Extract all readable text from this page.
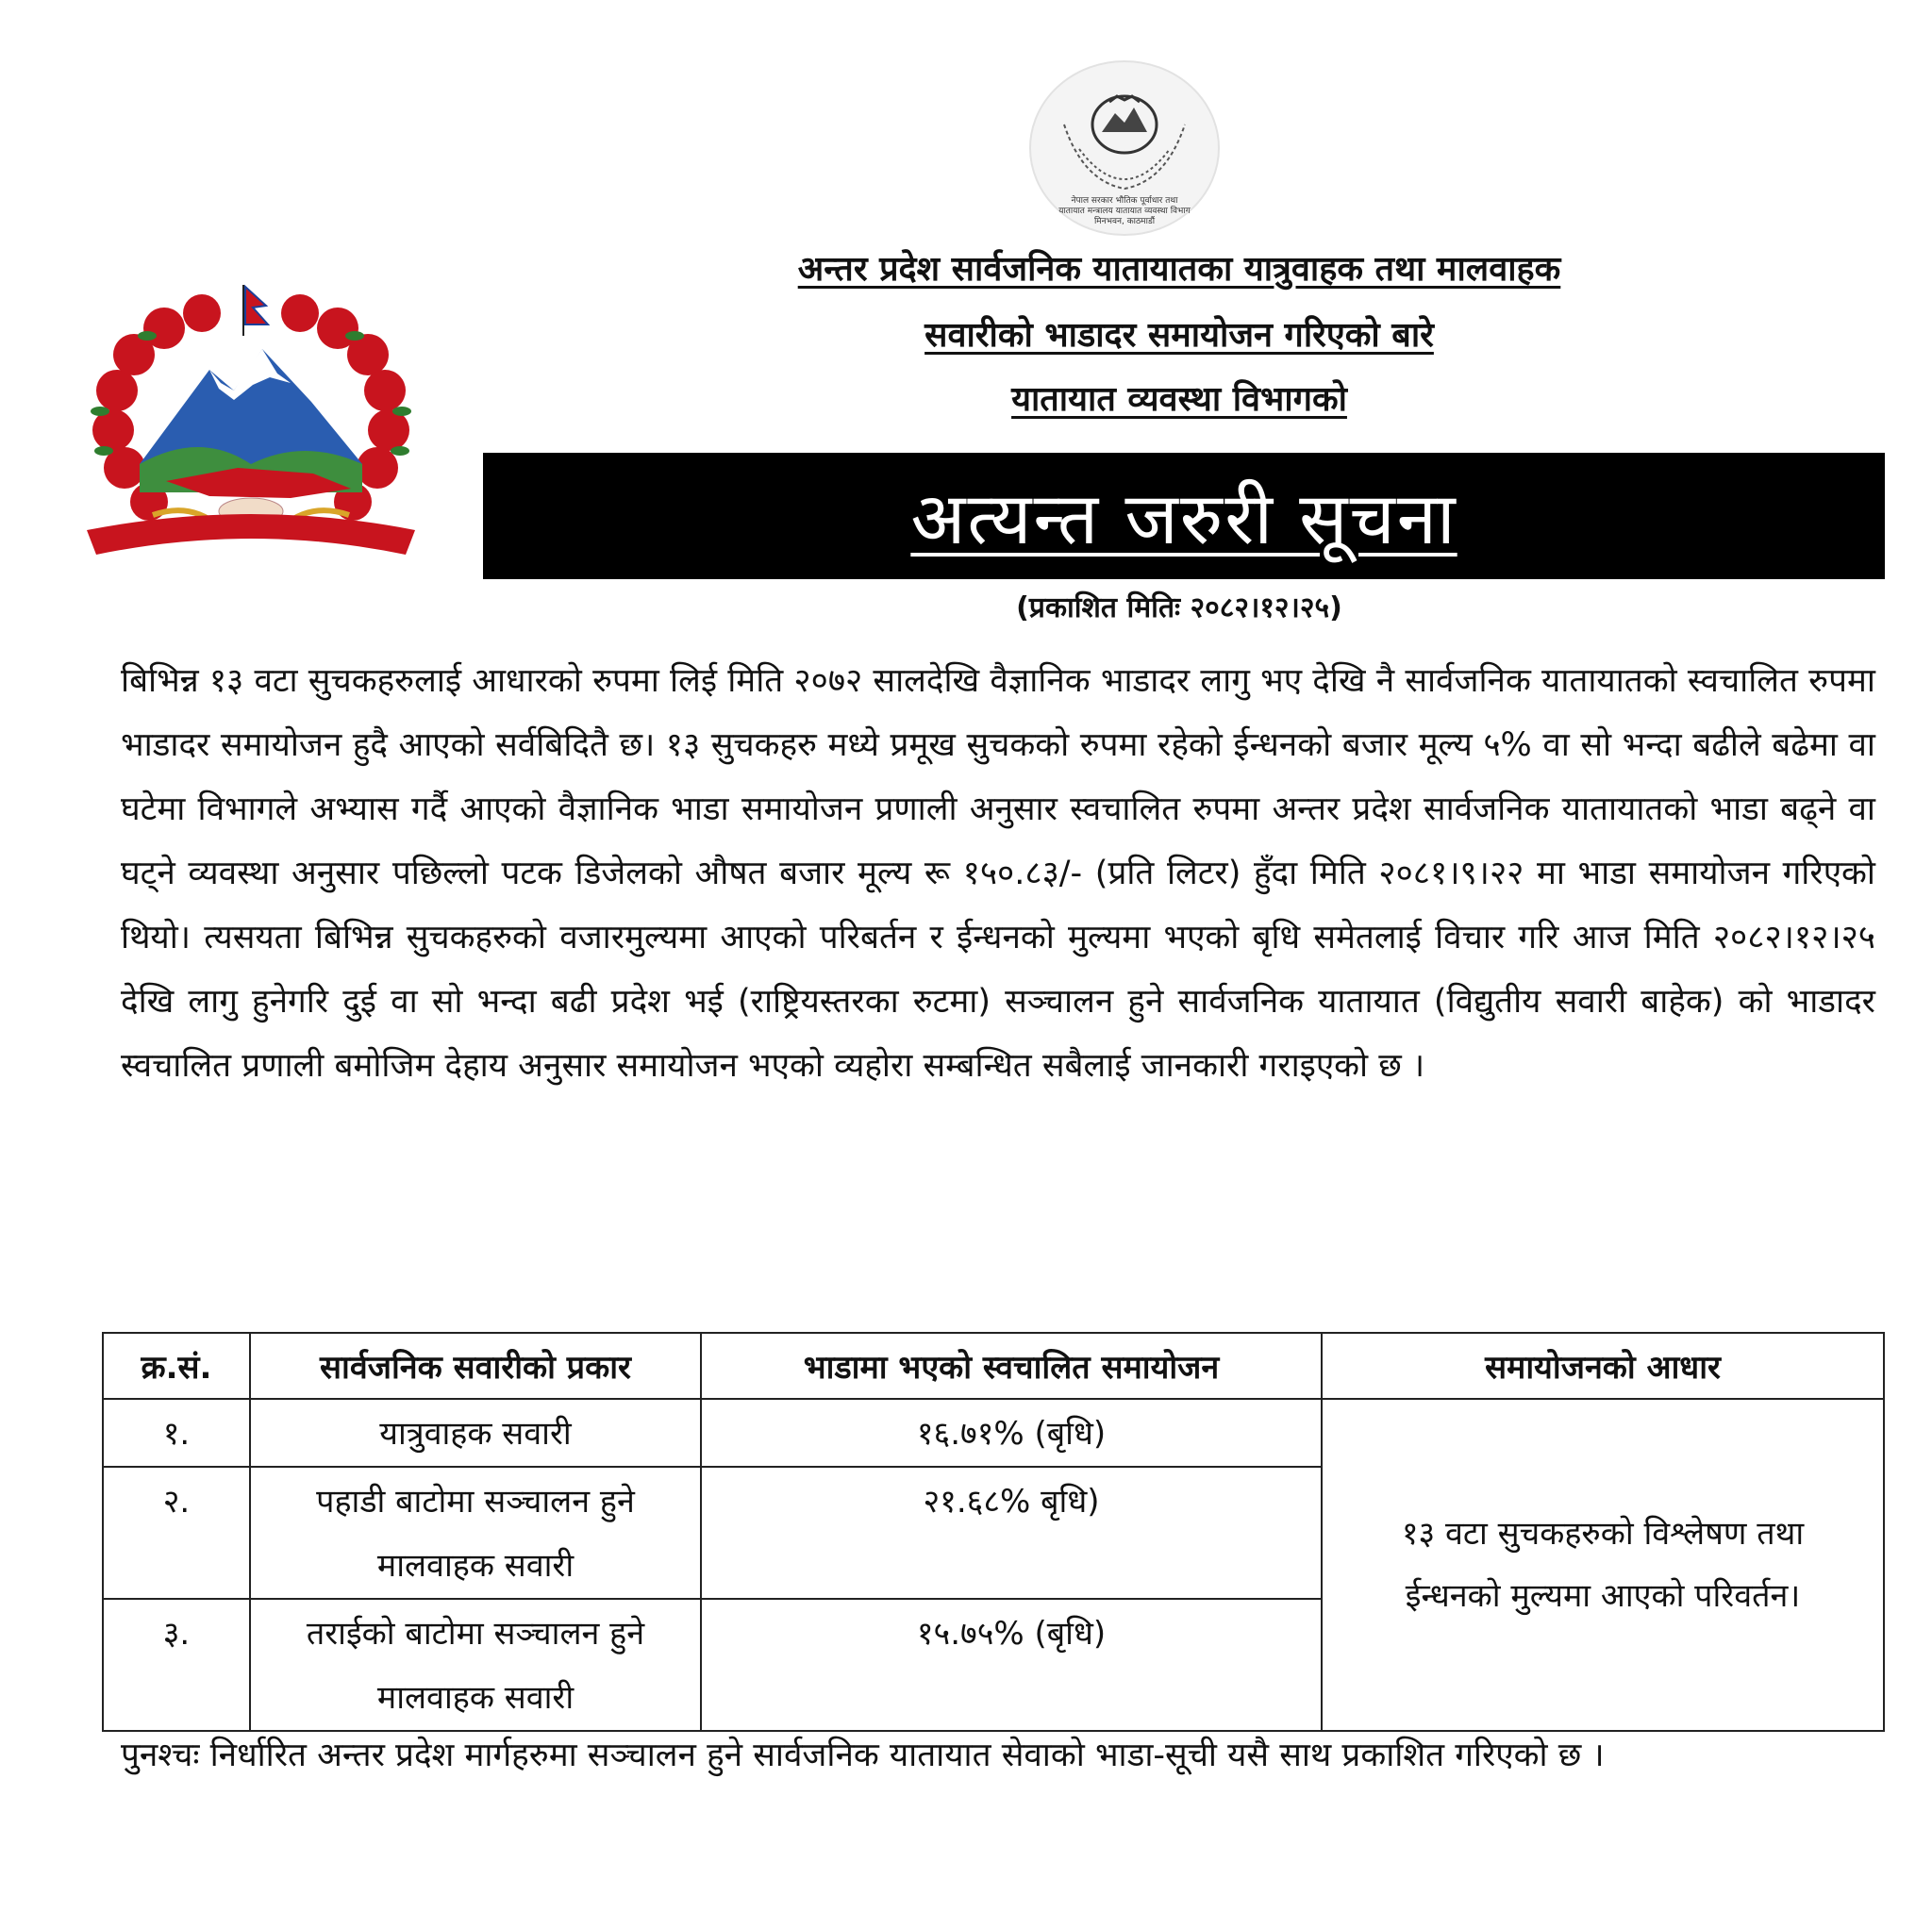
नेपाल सरकार भौतिक पूर्वाधार तथा यातायात मन्त्रालय यातायात व्यवस्था विभाग मिनभवन, काठमाडौं
जननी जन्मभूमिश्च स्वर्गादपि गरीयसी
अन्तर प्रदेश सार्वजनिक यातायातका यात्रुवाहक तथा मालवाहक
सवारीको भाडादर समायोजन गरिएको बारे
यातायात व्यवस्था विभागको
अत्यन्त जरुरी सूचना
(प्रकाशित मितिः २०८२।१२।२५)
बिभिन्न १३ वटा सुचकहरुलाई आधारको रुपमा लिई मिति २०७२ सालदेखि वैज्ञानिक भाडादर लागु भए देखि नै सार्वजनिक यातायातको स्वचालित रुपमा भाडादर समायोजन हुदै आएको सर्वबिदितै छ। १३ सुचकहरु मध्ये प्रमूख सुचकको रुपमा रहेको ईन्धनको बजार मूल्य ५% वा सो भन्दा बढीले बढेमा वा घटेमा विभागले अभ्यास गर्दै आएको वैज्ञानिक भाडा समायोजन प्रणाली अनुसार स्वचालित रुपमा अन्तर प्रदेश सार्वजनिक यातायातको भाडा बढ्ने वा घट्ने व्यवस्था अनुसार पछिल्लो पटक डिजेलको औषत बजार मूल्य रू १५०.८३/- (प्रति लिटर) हुँदा मिति २०८१।९।२२ मा भाडा समायोजन गरिएको थियो। त्यसयता बिभिन्न सुचकहरुको वजारमुल्यमा आएको परिबर्तन र ईन्धनको मुल्यमा भएको बृधि समेतलाई विचार गरि आज मिति २०८२।१२।२५ देखि लागु हुनेगरि दुई वा सो भन्दा बढी प्रदेश भई (राष्ट्रियस्तरका रुटमा) सञ्चालन हुने सार्वजनिक यातायात (विद्युतीय सवारी बाहेक) को भाडादर स्वचालित प्रणाली बमोजिम देहाय अनुसार समायोजन भएको व्यहोरा सम्बन्धित सबैलाई जानकारी गराइएको छ ।
क्र.सं.	सार्वजनिक सवारीको प्रकार	भाडामा भएको स्वचालित समायोजन	समायोजनको आधार
१.	यात्रुवाहक सवारी	१६.७१% (बृधि)	१३ वटा सुचकहरुको विश्लेषण तथा ईन्धनको मुल्यमा आएको परिवर्तन।
२.	पहाडी बाटोमा सञ्चालन हुने मालवाहक सवारी	२१.६८% बृधि)	
३.	तराईको बाटोमा सञ्चालन हुने मालवाहक सवारी	१५.७५% (बृधि)	
पुनश्चः निर्धारित अन्तर प्रदेश मार्गहरुमा सञ्चालन हुने सार्वजनिक यातायात सेवाको भाडा-सूची यसै साथ प्रकाशित गरिएको छ ।
